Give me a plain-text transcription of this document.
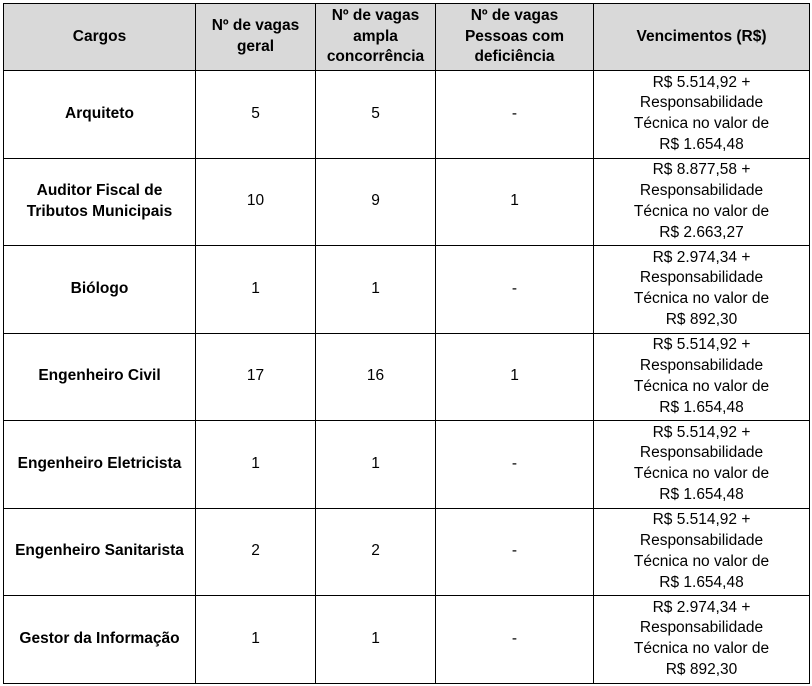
Cargos	Nº de vagas geral	Nº de vagas ampla concorrência	Nº de vagas Pessoas com deficiência	Vencimentos (R$)
Arquiteto	5	5	-	R$ 5.514,92 +
Responsabilidade
Técnica no valor de
R$ 1.654,48

Auditor Fiscal de Tributos Municipais	10	9	1	R$ 8.877,58 +
Responsabilidade
Técnica no valor de
R$ 2.663,27

Biólogo	1	1	-	R$ 2.974,34 +
Responsabilidade
Técnica no valor de
R$ 892,30

Engenheiro Civil	17	16	1	R$ 5.514,92 +
Responsabilidade
Técnica no valor de
R$ 1.654,48

Engenheiro Eletricista	1	1	-	R$ 5.514,92 +
Responsabilidade
Técnica no valor de
R$ 1.654,48

Engenheiro Sanitarista	2	2	-	R$ 5.514,92 +
Responsabilidade
Técnica no valor de
R$ 1.654,48

Gestor da Informação	1	1	-	R$ 2.974,34 +
Responsabilidade
Técnica no valor de
R$ 892,30
